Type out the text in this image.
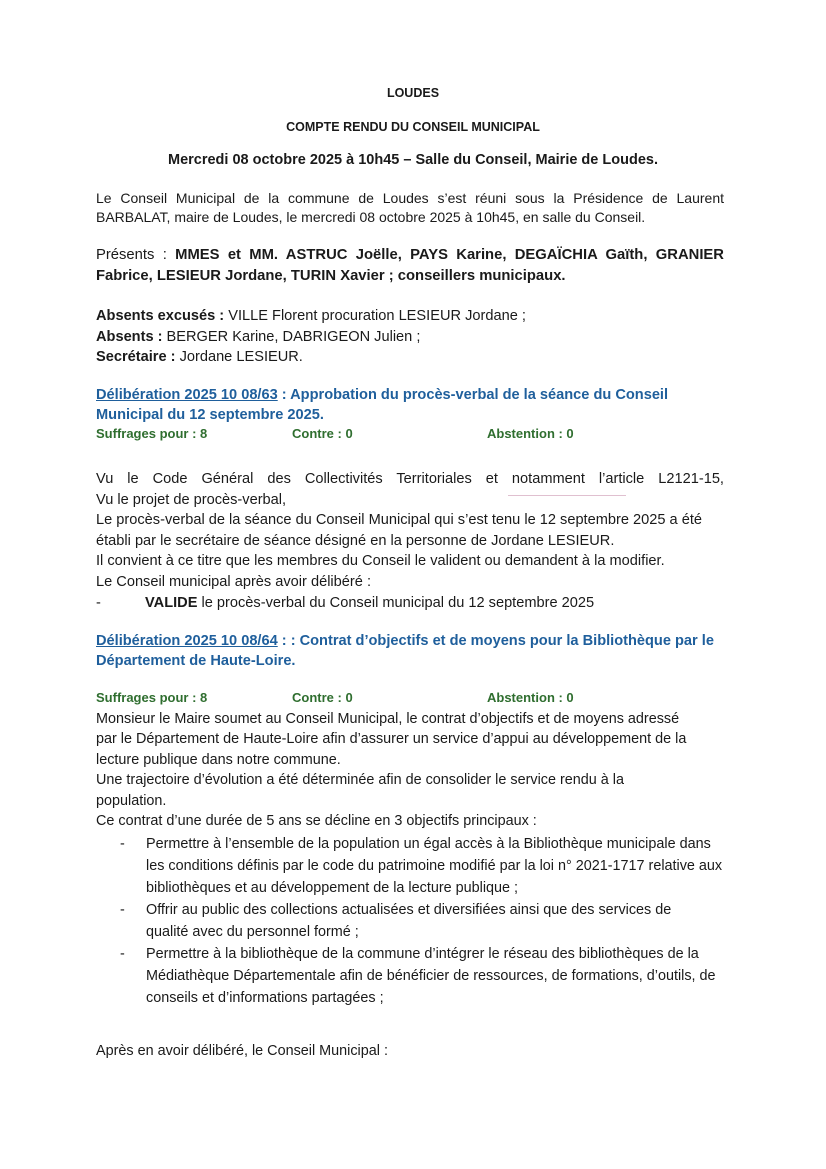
LOUDES
COMPTE RENDU DU CONSEIL MUNICIPAL
Mercredi 08 octobre 2025 à 10h45 – Salle du Conseil, Mairie de Loudes.
Le Conseil Municipal de la commune de Loudes s’est réuni sous la Présidence de Laurent BARBALAT, maire de Loudes, le mercredi 08 octobre 2025 à 10h45, en salle du Conseil.
Présents : MMES et MM. ASTRUC Joëlle, PAYS Karine, DEGAÏCHIA Gaïth, GRANIER Fabrice, LESIEUR Jordane, TURIN Xavier ; conseillers municipaux.
Absents excusés : VILLE Florent procuration LESIEUR Jordane ;
Absents : BERGER Karine, DABRIGEON Julien ;
Secrétaire : Jordane LESIEUR.
Délibération 2025 10 08/63 : Approbation du procès-verbal de la séance du Conseil Municipal du 12 septembre 2025.
Suffrages pour : 8	Contre : 0	Abstention : 0
Vu le Code Général des Collectivités Territoriales et notamment l’article L2121-15,
Vu le projet de procès-verbal,
Le procès-verbal de la séance du Conseil Municipal qui s’est tenu le 12 septembre 2025 a été établi par le secrétaire de séance désigné en la personne de Jordane LESIEUR.
Il convient à ce titre que les membres du Conseil le valident ou demandent à la modifier.
Le Conseil municipal après avoir délibéré :
-	VALIDE le procès-verbal du Conseil municipal du 12 septembre 2025
Délibération 2025 10 08/64 : : Contrat d’objectifs et de moyens pour la Bibliothèque par le Département de Haute-Loire.
Suffrages pour : 8	Contre : 0	Abstention : 0
Monsieur le Maire soumet au Conseil Municipal, le contrat d’objectifs et de moyens adressé par le Département de Haute-Loire afin d’assurer un service d’appui au développement de la lecture publique dans notre commune.
Une trajectoire d’évolution a été déterminée afin de consolider le service rendu à la population.
Ce contrat d’une durée de 5 ans se décline en 3 objectifs principaux :
- Permettre à l’ensemble de la population un égal accès à la Bibliothèque municipale dans les conditions définis par le code du patrimoine modifié par la loi n° 2021-1717 relative aux bibliothèques et au développement de la lecture publique ;
- Offrir au public des collections actualisées et diversifiées ainsi que des services de qualité avec du personnel formé ;
- Permettre à la bibliothèque de la commune d’intégrer le réseau des bibliothèques de la Médiathèque Départementale afin de bénéficier de ressources, de formations, d’outils, de conseils et d’informations partagées ;
Après en avoir délibéré, le Conseil Municipal :
